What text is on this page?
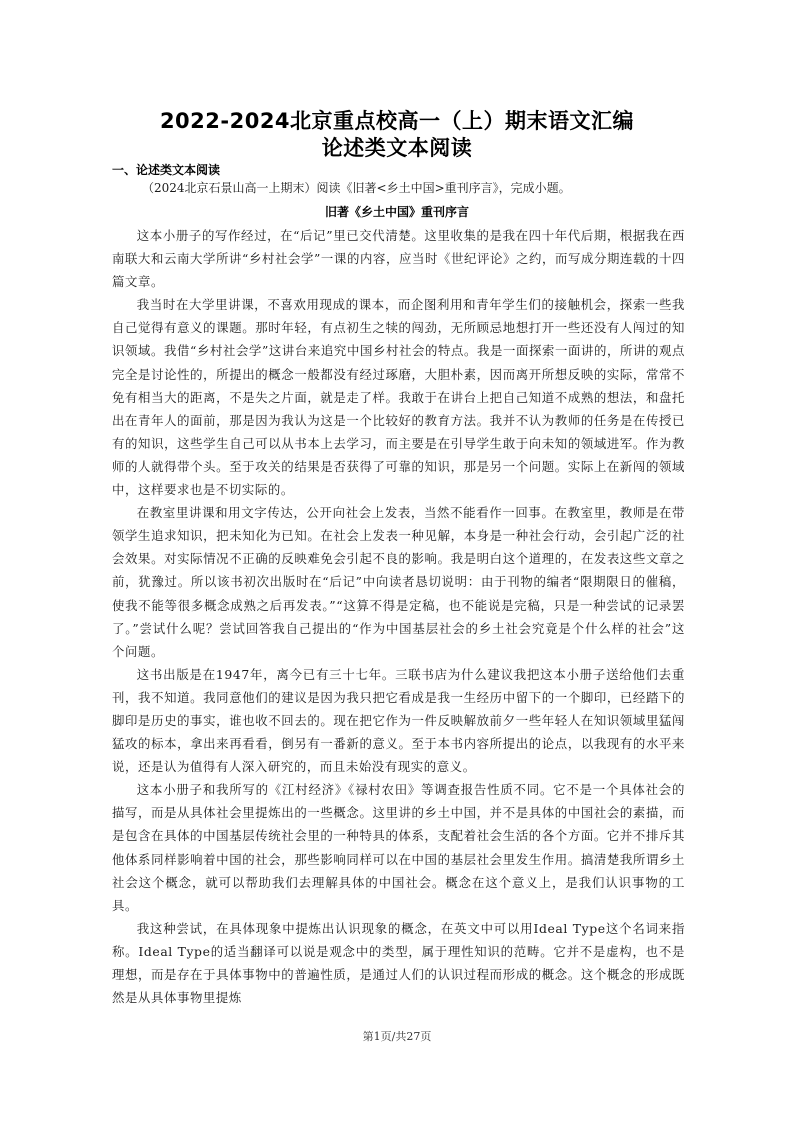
2022-2024北京重点校高一（上）期末语文汇编
论述类文本阅读
一、论述类文本阅读
（2024北京石景山高一上期末）阅读《旧著<乡土中国>重刊序言》，完成小题。
旧著《乡土中国》重刊序言

这本小册子的写作经过，在“后记”里已交代清楚。这里收集的是我在四十年代后期，根据我在西南联大和云南大学所讲“乡村社会学”一课的内容，应当时《世纪评论》之约，而写成分期连载的十四篇文章。

我当时在大学里讲课，不喜欢用现成的课本，而企图利用和青年学生们的接触机会，探索一些我自己觉得有意义的课题。那时年轻，有点初生之犊的闯劲，无所顾忌地想打开一些还没有人闯过的知识领域。我借“乡村社会学”这讲台来追究中国乡村社会的特点。我是一面探索一面讲的，所讲的观点完全是讨论性的，所提出的概念一般都没有经过琢磨，大胆朴素，因而离开所想反映的实际，常常不免有相当大的距离，不是失之片面，就是走了样。我敢于在讲台上把自己知道不成熟的想法，和盘托出在青年人的面前，那是因为我认为这是一个比较好的教育方法。我并不认为教师的任务是在传授已有的知识，这些学生自己可以从书本上去学习，而主要是在引导学生敢于向未知的领域进军。作为教师的人就得带个头。至于攻关的结果是否获得了可靠的知识，那是另一个问题。实际上在新闯的领域中，这样要求也是不切实际的。

在教室里讲课和用文字传达，公开向社会上发表，当然不能看作一回事。在教室里，教师是在带领学生追求知识，把未知化为已知。在社会上发表一种见解，本身是一种社会行动，会引起广泛的社会效果。对实际情况不正确的反映难免会引起不良的影响。我是明白这个道理的，在发表这些文章之前，犹豫过。所以该书初次出版时在“后记”中向读者恳切说明：由于刊物的编者“限期限日的催稿，使我不能等很多概念成熟之后再发表。”“这算不得是定稿，也不能说是完稿，只是一种尝试的记录罢了。”尝试什么呢？尝试回答我自己提出的“作为中国基层社会的乡土社会究竟是个什么样的社会”这个问题。

这书出版是在1947年，离今已有三十七年。三联书店为什么建议我把这本小册子送给他们去重刊，我不知道。我同意他们的建议是因为我只把它看成是我一生经历中留下的一个脚印，已经踏下的脚印是历史的事实，谁也收不回去的。现在把它作为一件反映解放前夕一些年轻人在知识领域里猛闯猛攻的标本，拿出来再看看，倒另有一番新的意义。至于本书内容所提出的论点，以我现有的水平来说，还是认为值得有人深入研究的，而且未始没有现实的意义。

这本小册子和我所写的《江村经济》《禄村农田》等调查报告性质不同。它不是一个具体社会的描写，而是从具体社会里提炼出的一些概念。这里讲的乡土中国，并不是具体的中国社会的素描，而是包含在具体的中国基层传统社会里的一种特具的体系，支配着社会生活的各个方面。它并不排斥其他体系同样影响着中国的社会，那些影响同样可以在中国的基层社会里发生作用。搞清楚我所谓乡土社会这个概念，就可以帮助我们去理解具体的中国社会。概念在这个意义上，是我们认识事物的工具。

我这种尝试，在具体现象中提炼出认识现象的概念，在英文中可以用Ideal Type这个名词来指称。Ideal Type的适当翻译可以说是观念中的类型，属于理性知识的范畴。它并不是虚构，也不是理想，而是存在于具体事物中的普遍性质，是通过人们的认识过程而形成的概念。这个概念的形成既然是从具体事物里提炼

第1页/共27页
